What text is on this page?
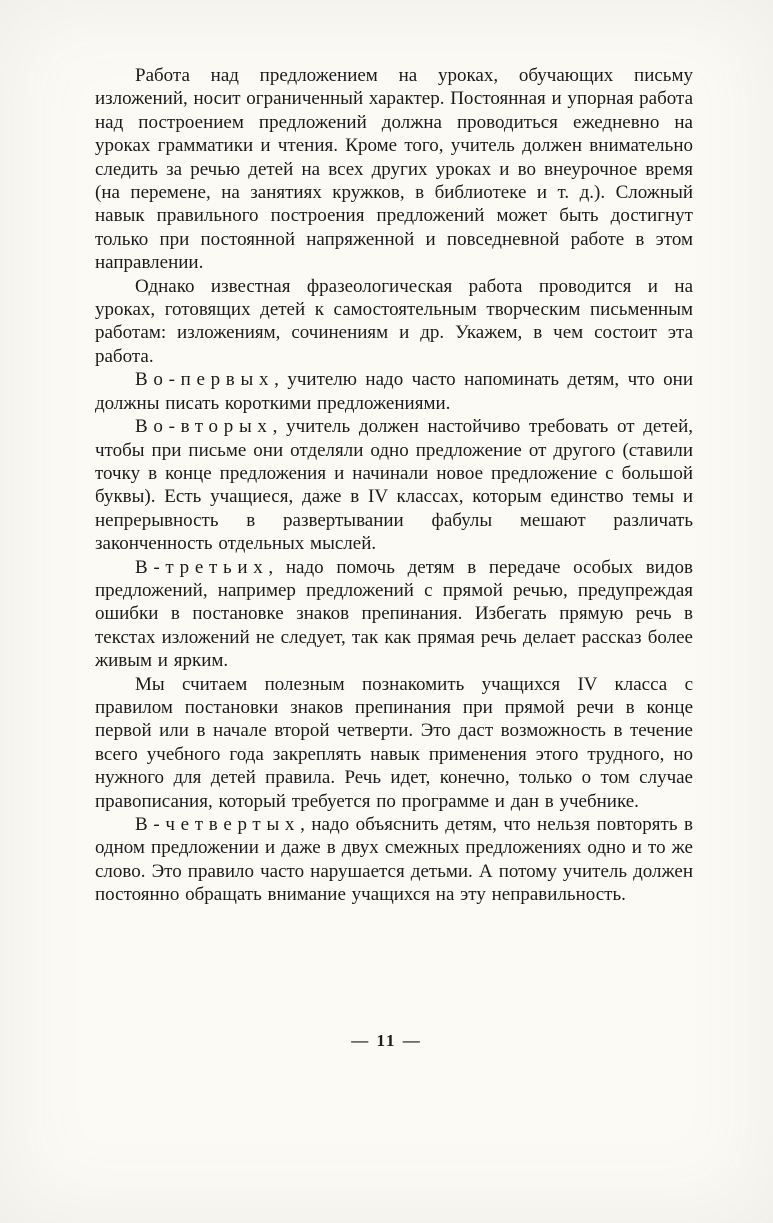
Работа над предложением на уроках, обучающих письму изложений, носит ограниченный характер. Постоянная и упорная работа над построением предложений должна проводиться ежедневно на уроках грамматики и чтения. Кроме того, учитель должен внимательно следить за речью детей на всех других уроках и во внеурочное время (на перемене, на занятиях кружков, в библиотеке и т. д.). Сложный навык правильного построения предложений может быть достигнут только при постоянной напряженной и повседневной работе в этом направлении.

Однако известная фразеологическая работа проводится и на уроках, готовящих детей к самостоятельным творческим письменным работам: изложениям, сочинениям и др. Укажем, в чем состоит эта работа.

Во-первых, учителю надо часто напоминать детям, что они должны писать короткими предложениями.

Во-вторых, учитель должен настойчиво требовать от детей, чтобы при письме они отделяли одно предложение от другого (ставили точку в конце предложения и начинали новое предложение с большой буквы). Есть учащиеся, даже в IV классах, которым единство темы и непрерывность в развертывании фабулы мешают различать законченность отдельных мыслей.

В-третьих, надо помочь детям в передаче особых видов предложений, например предложений с прямой речью, предупреждая ошибки в постановке знаков препинания. Избегать прямую речь в текстах изложений не следует, так как прямая речь делает рассказ более живым и ярким.

Мы считаем полезным познакомить учащихся IV класса с правилом постановки знаков препинания при прямой речи в конце первой или в начале второй четверти. Это даст возможность в течение всего учебного года закреплять навык применения этого трудного, но нужного для детей правила. Речь идет, конечно, только о том случае правописания, который требуется по программе и дан в учебнике.

В-четвертых, надо объяснить детям, что нельзя повторять в одном предложении и даже в двух смежных предложениях одно и то же слово. Это правило часто нарушается детьми. А потому учитель должен постоянно обращать внимание учащихся на эту неправильность.

— 11 —
